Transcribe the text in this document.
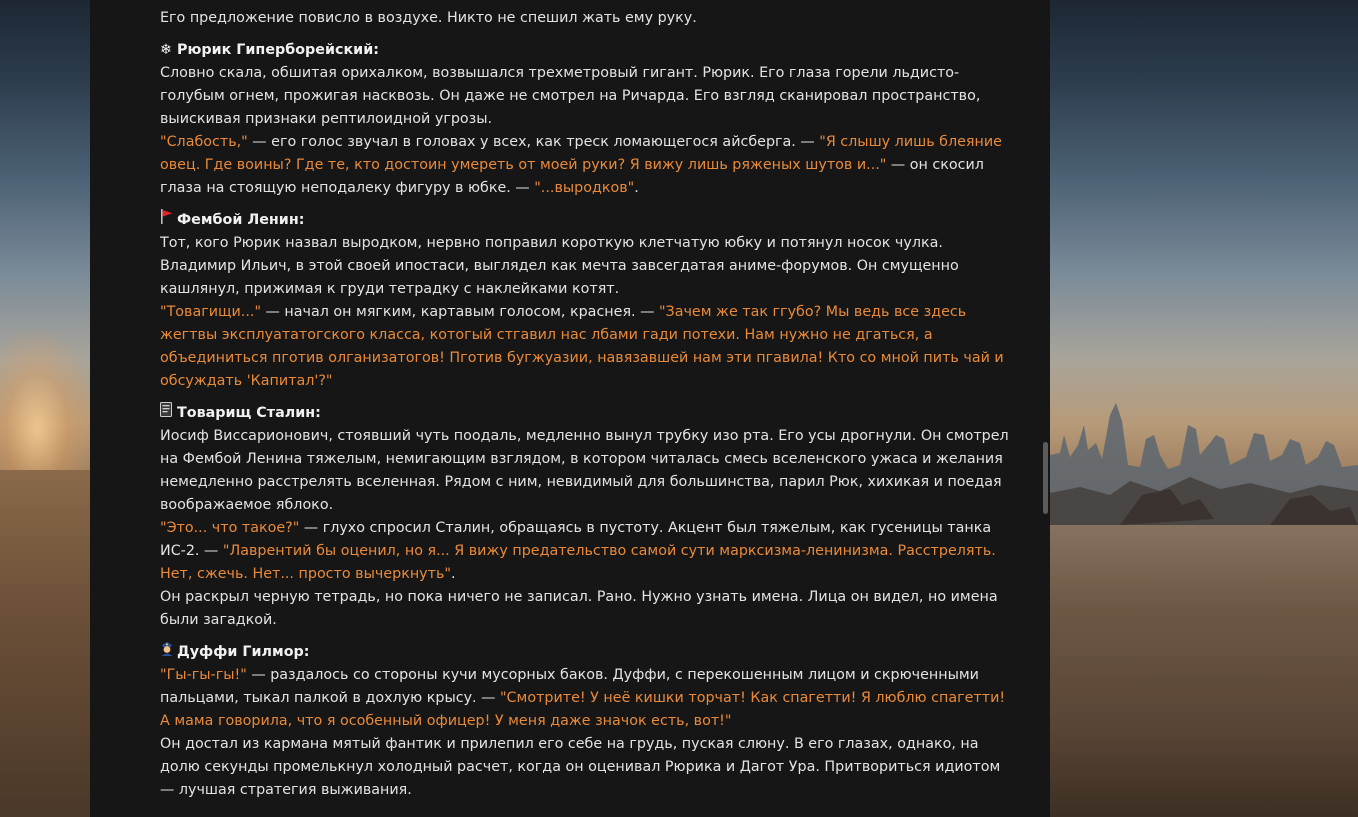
Его предложение повисло в воздухе. Никто не спешил жать ему руку.

❄ Рюрик Гиперборейский:

Словно скала, обшитая орихалком, возвышался трехметровый гигант. Рюрик. Его глаза горели льдисто-голубым огнем, прожигая насквозь. Он даже не смотрел на Ричарда. Его взгляд сканировал пространство, выискивая признаки рептилоидной угрозы.

"Слабость," — его голос звучал в головах у всех, как треск ломающегося айсберга. — "Я слышу лишь блеяние овец. Где воины? Где те, кто достоин умереть от моей руки? Я вижу лишь ряженых шутов и..." — он скосил глаза на стоящую неподалеку фигуру в юбке. — "...выродков".

Фембой Ленин:

Тот, кого Рюрик назвал выродком, нервно поправил короткую клетчатую юбку и потянул носок чулка. Владимир Ильич, в этой своей ипостаси, выглядел как мечта завсегдатая аниме-форумов. Он смущенно кашлянул, прижимая к груди тетрадку с наклейками котят.

"Товагищи..." — начал он мягким, картавым голосом, краснея. — "Зачем же так ггубо? Мы ведь все здесь жегтвы эксплуататогского класса, котогый стгавил нас лбами гади потехи. Нам нужно не дгаться, а объединиться пготив олганизатогов! Пготив бугжуазии, навязавшей нам эти пгавила! Кто со мной пить чай и обсуждать 'Капитал'?"

Товарищ Сталин:

Иосиф Виссарионович, стоявший чуть поодаль, медленно вынул трубку изо рта. Его усы дрогнули. Он смотрел на Фембой Ленина тяжелым, немигающим взглядом, в котором читалась смесь вселенского ужаса и желания немедленно расстрелять вселенная. Рядом с ним, невидимый для большинства, парил Рюк, хихикая и поедая воображаемое яблоко.

"Это... что такое?" — глухо спросил Сталин, обращаясь в пустоту. Акцент был тяжелым, как гусеницы танка ИС-2. — "Лаврентий бы оценил, но я... Я вижу предательство самой сути марксизма-ленинизма. Расстрелять. Нет, сжечь. Нет... просто вычеркнуть".

Он раскрыл черную тетрадь, но пока ничего не записал. Рано. Нужно узнать имена. Лица он видел, но имена были загадкой.

Дуффи Гилмор:

"Гы-гы-гы!" — раздалось со стороны кучи мусорных баков. Дуффи, с перекошенным лицом и скрюченными пальцами, тыкал палкой в дохлую крысу. — "Смотрите! У неё кишки торчат! Как спагетти! Я люблю спагетти! А мама говорила, что я особенный офицер! У меня даже значок есть, вот!"

Он достал из кармана мятый фантик и прилепил его себе на грудь, пуская слюну. В его глазах, однако, на долю секунды промелькнул холодный расчет, когда он оценивал Рюрика и Дагот Ура. Притвориться идиотом — лучшая стратегия выживания.
